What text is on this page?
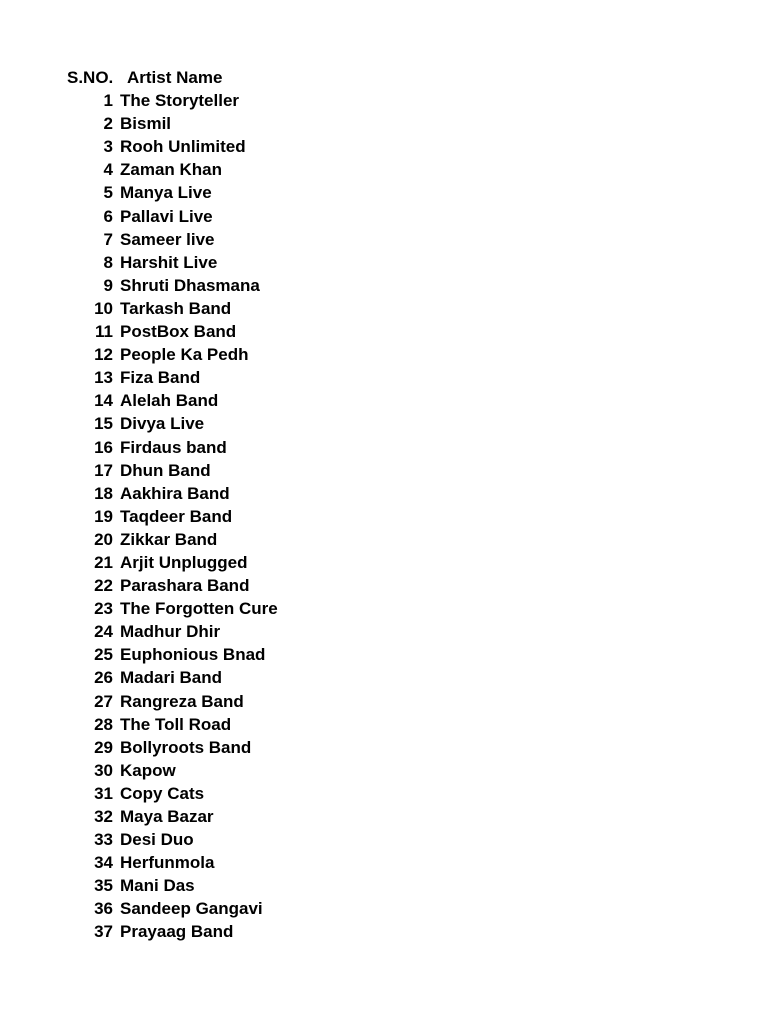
S.NO. Artist Name
1 The Storyteller
2 Bismil
3 Rooh Unlimited
4 Zaman Khan
5 Manya Live
6 Pallavi Live
7 Sameer live
8 Harshit Live
9 Shruti Dhasmana
10 Tarkash Band
11 PostBox Band
12 People Ka Pedh
13 Fiza Band
14 Alelah Band
15 Divya Live
16 Firdaus band
17 Dhun Band
18 Aakhira Band
19 Taqdeer Band
20 Zikkar Band
21 Arjit Unplugged
22 Parashara Band
23 The Forgotten Cure
24 Madhur Dhir
25 Euphonious Bnad
26 Madari Band
27 Rangreza Band
28 The Toll Road
29 Bollyroots Band
30 Kapow
31 Copy Cats
32 Maya Bazar
33 Desi Duo
34 Herfunmola
35 Mani Das
36 Sandeep Gangavi
37 Prayaag Band
